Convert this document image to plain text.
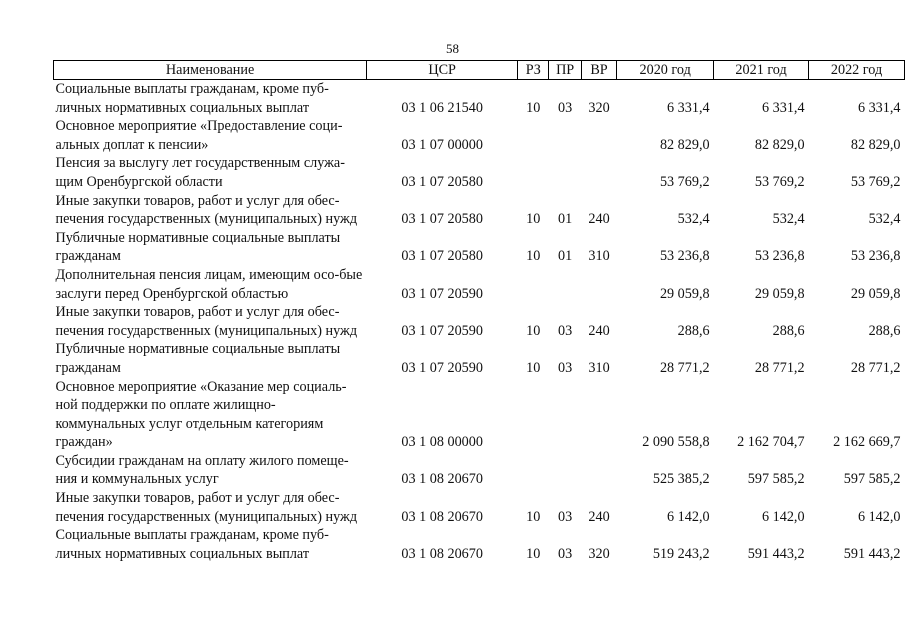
58
Наименование	ЦСР	РЗ	ПР	ВР	2020 год	2021 год	2022 год
Социальные выплаты гражданам, кроме пуб-личных нормативных социальных выплат	03 1 06 21540	10	03	320	6 331,4	6 331,4	6 331,4
Основное мероприятие «Предоставление соци-альных доплат к пенсии»	03 1 07 00000				82 829,0	82 829,0	82 829,0
Пенсия за выслугу лет государственным служа-щим Оренбургской области	03 1 07 20580				53 769,2	53 769,2	53 769,2
Иные закупки товаров, работ и услуг для обес-печения государственных (муниципальных) нужд	03 1 07 20580	10	01	240	532,4	532,4	532,4
Публичные нормативные социальные выплаты гражданам	03 1 07 20580	10	01	310	53 236,8	53 236,8	53 236,8
Дополнительная пенсия лицам, имеющим осо-бые заслуги перед Оренбургской областью	03 1 07 20590				29 059,8	29 059,8	29 059,8
Иные закупки товаров, работ и услуг для обес-печения государственных (муниципальных) нужд	03 1 07 20590	10	03	240	288,6	288,6	288,6
Публичные нормативные социальные выплаты гражданам	03 1 07 20590	10	03	310	28 771,2	28 771,2	28 771,2
Основное мероприятие «Оказание мер социаль-ной поддержки по оплате жилищно-коммунальных услуг отдельным категориям граждан»	03 1 08 00000				2 090 558,8	2 162 704,7	2 162 669,7
Субсидии гражданам на оплату жилого помеще-ния и коммунальных услуг	03 1 08 20670				525 385,2	597 585,2	597 585,2
Иные закупки товаров, работ и услуг для обес-печения государственных (муниципальных) нужд	03 1 08 20670	10	03	240	6 142,0	6 142,0	6 142,0
Социальные выплаты гражданам, кроме пуб-личных нормативных социальных выплат	03 1 08 20670	10	03	320	519 243,2	591 443,2	591 443,2
